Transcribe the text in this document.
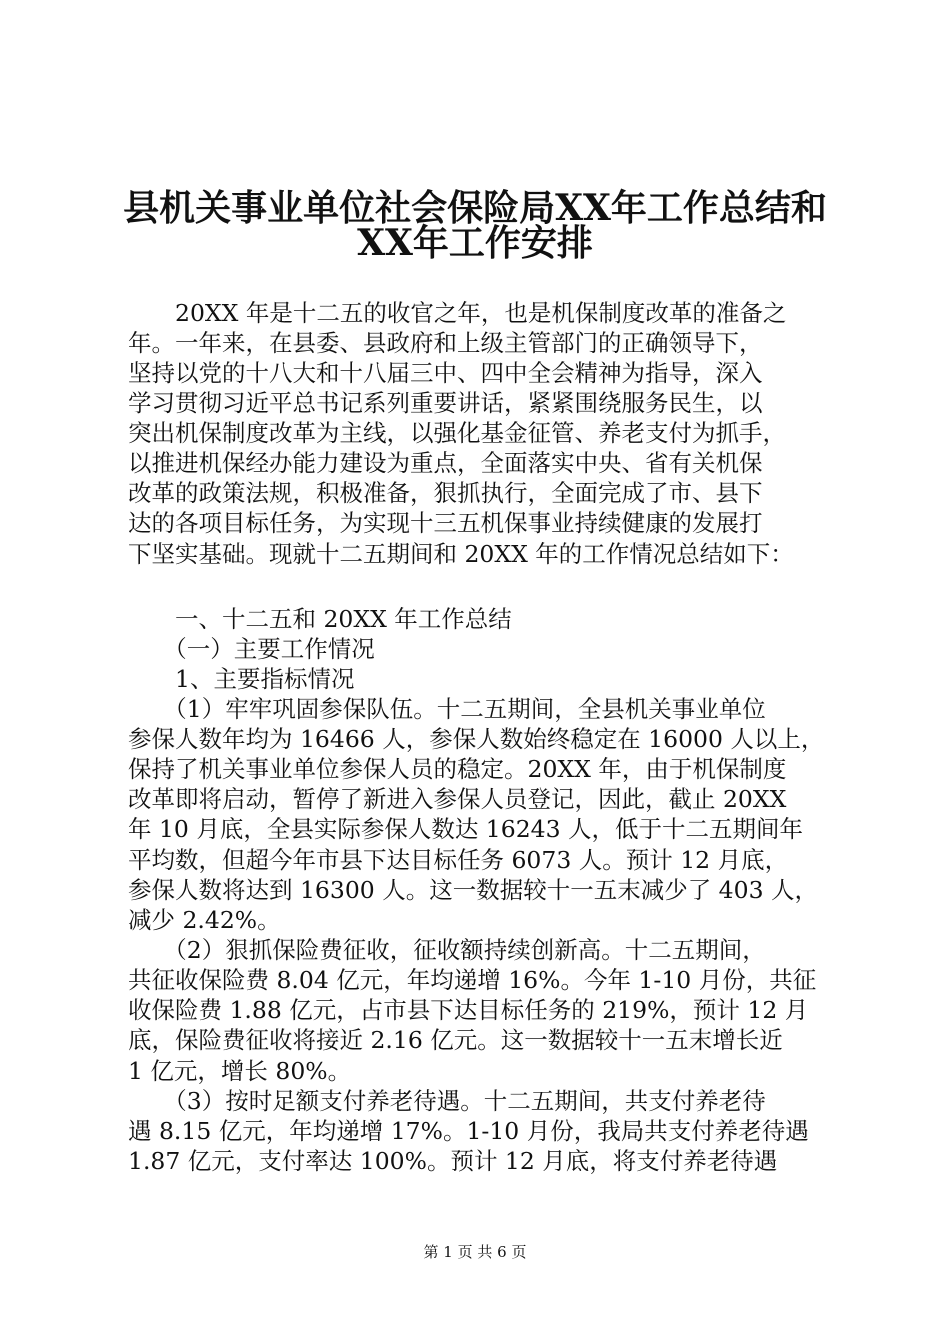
县机关事业单位社会保险局XX年工作总结和
XX年工作安排
　　20XX 年是十二五的收官之年，也是机保制度改革的准备之
年。一年来，在县委、县政府和上级主管部门的正确领导下，
坚持以党的十八大和十八届三中、四中全会精神为指导，深入
学习贯彻习近平总书记系列重要讲话，紧紧围绕服务民生，以
突出机保制度改革为主线，以强化基金征管、养老支付为抓手，
以推进机保经办能力建设为重点，全面落实中央、省有关机保
改革的政策法规，积极准备，狠抓执行，全面完成了市、县下
达的各项目标任务，为实现十三五机保事业持续健康的发展打
下坚实基础。现就十二五期间和 20XX 年的工作情况总结如下：
　　一、十二五和 20XX 年工作总结
　　（一）主要工作情况
　　1、主要指标情况
　　（1）牢牢巩固参保队伍。十二五期间，全县机关事业单位
参保人数年均为 16466 人，参保人数始终稳定在 16000 人以上，
保持了机关事业单位参保人员的稳定。20XX 年，由于机保制度
改革即将启动，暂停了新进入参保人员登记，因此，截止 20XX
年 10 月底，全县实际参保人数达 16243 人，低于十二五期间年
平均数，但超今年市县下达目标任务 6073 人。预计 12 月底，
参保人数将达到 16300 人。这一数据较十一五末减少了 403 人，
减少 2.42%。
　　（2）狠抓保险费征收，征收额持续创新高。十二五期间，
共征收保险费 8.04 亿元，年均递增 16%。今年 1-10 月份，共征
收保险费 1.88 亿元，占市县下达目标任务的 219%，预计 12 月
底，保险费征收将接近 2.16 亿元。这一数据较十一五末增长近
1 亿元，增长 80%。
　　（3）按时足额支付养老待遇。十二五期间，共支付养老待
遇 8.15 亿元，年均递增 17%。1-10 月份，我局共支付养老待遇
1.87 亿元，支付率达 100%。预计 12 月底，将支付养老待遇
第 1 页 共 6 页
